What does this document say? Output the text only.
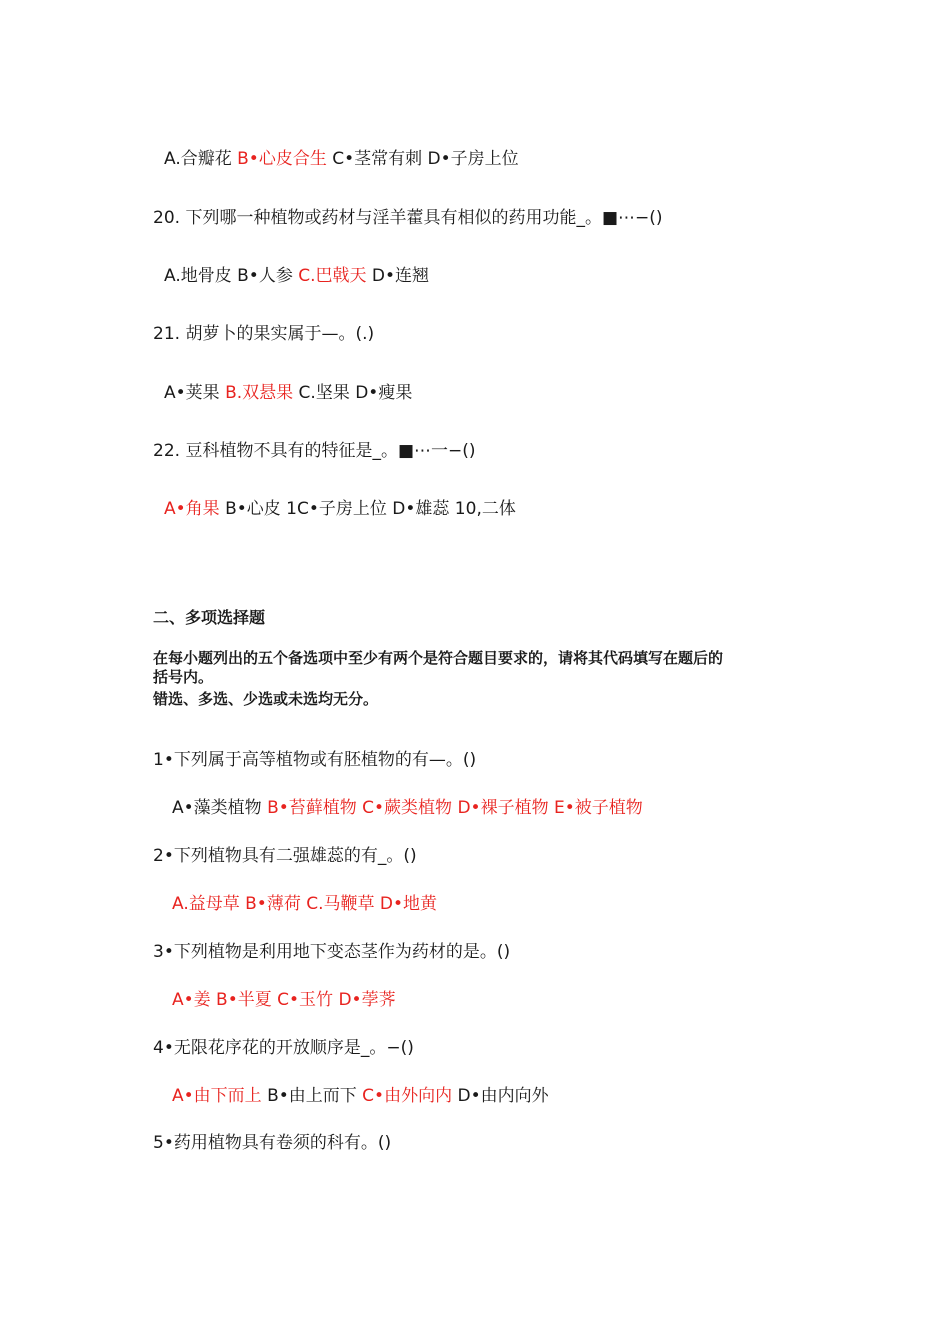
A.合瓣花 B•心皮合生 C•茎常有刺 D•子房上位
20. 下列哪一种植物或药材与淫羊藿具有相似的药用功能_。■⋯−()
A.地骨皮 B•人参 C.巴戟天 D•连翘
21. 胡萝卜的果实属于—。(.)
A•荚果 B.双悬果 C.坚果 D•瘦果
22. 豆科植物不具有的特征是_。■⋯一−()
A•角果 B•心皮 1C•子房上位 D•雄蕊 10,二体
二、多项选择题
在每小题列出的五个备选项中至少有两个是符合题目要求的，请将其代码填写在题后的
括号内。
错选、多选、少选或未选均无分。
1•下列属于高等植物或有胚植物的有—。()
A•藻类植物 B•苔藓植物 C•蕨类植物 D•裸子植物 E•被子植物
2•下列植物具有二强雄蕊的有_。()
A.益母草 B•薄荷 C.马鞭草 D•地黄
3•下列植物是利用地下变态茎作为药材的是。()
A•姜 B•半夏 C•玉竹 D•荸荠
4•无限花序花的开放顺序是_。−()
A•由下而上 B•由上而下 C•由外向内 D•由内向外
5•药用植物具有卷须的科有。()
